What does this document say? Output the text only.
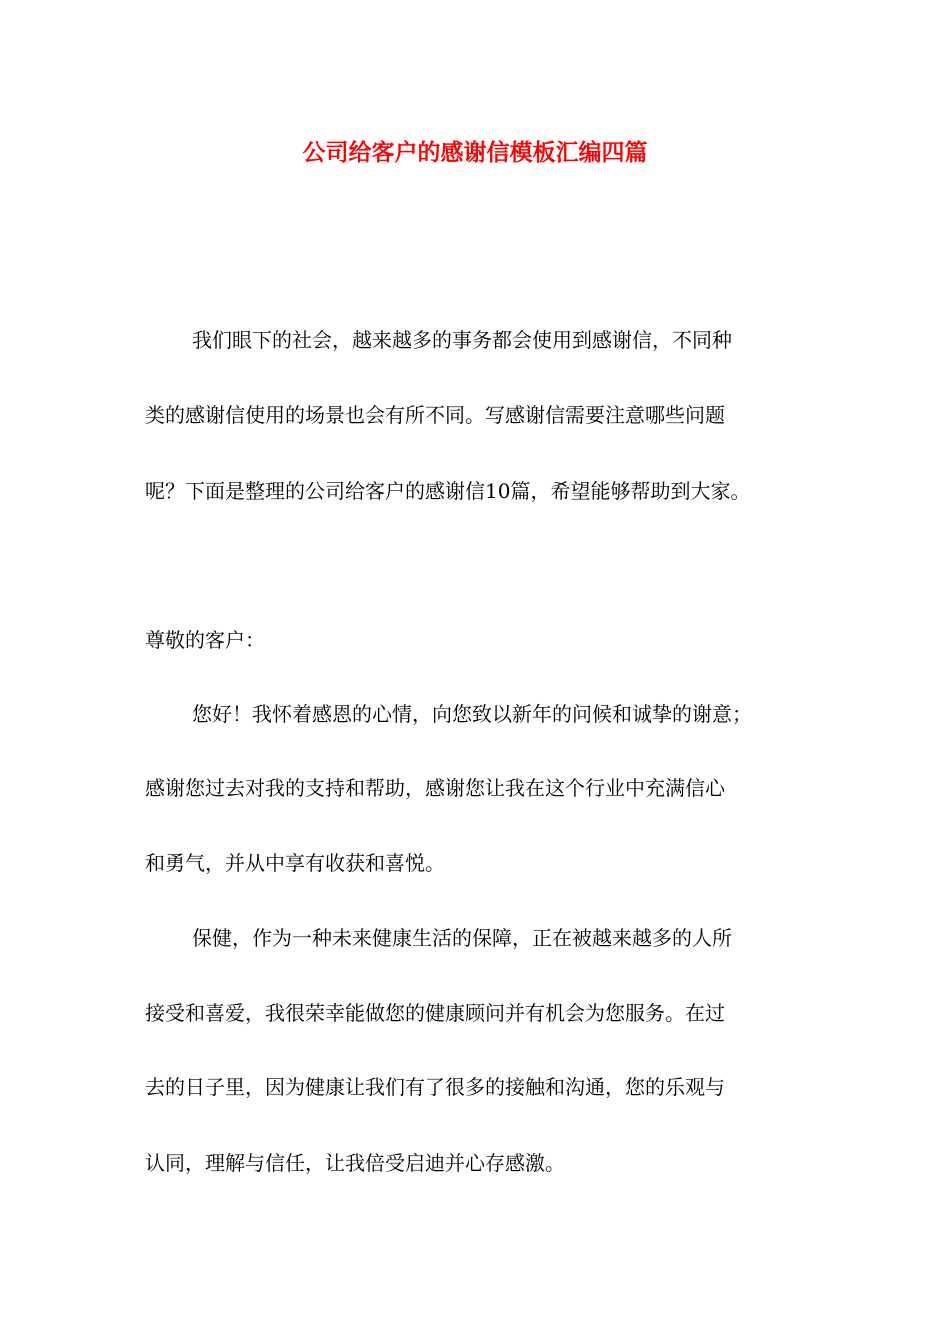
公司给客户的感谢信模板汇编四篇
我们眼下的社会，越来越多的事务都会使用到感谢信，不同种
类的感谢信使用的场景也会有所不同。写感谢信需要注意哪些问题
呢？下面是整理的公司给客户的感谢信10篇，希望能够帮助到大家。
尊敬的客户：
您好！我怀着感恩的心情，向您致以新年的问候和诚挚的谢意；
感谢您过去对我的支持和帮助，感谢您让我在这个行业中充满信心
和勇气，并从中享有收获和喜悦。
保健，作为一种未来健康生活的保障，正在被越来越多的人所
接受和喜爱，我很荣幸能做您的健康顾问并有机会为您服务。在过
去的日子里，因为健康让我们有了很多的接触和沟通，您的乐观与
认同，理解与信任，让我倍受启迪并心存感激。
